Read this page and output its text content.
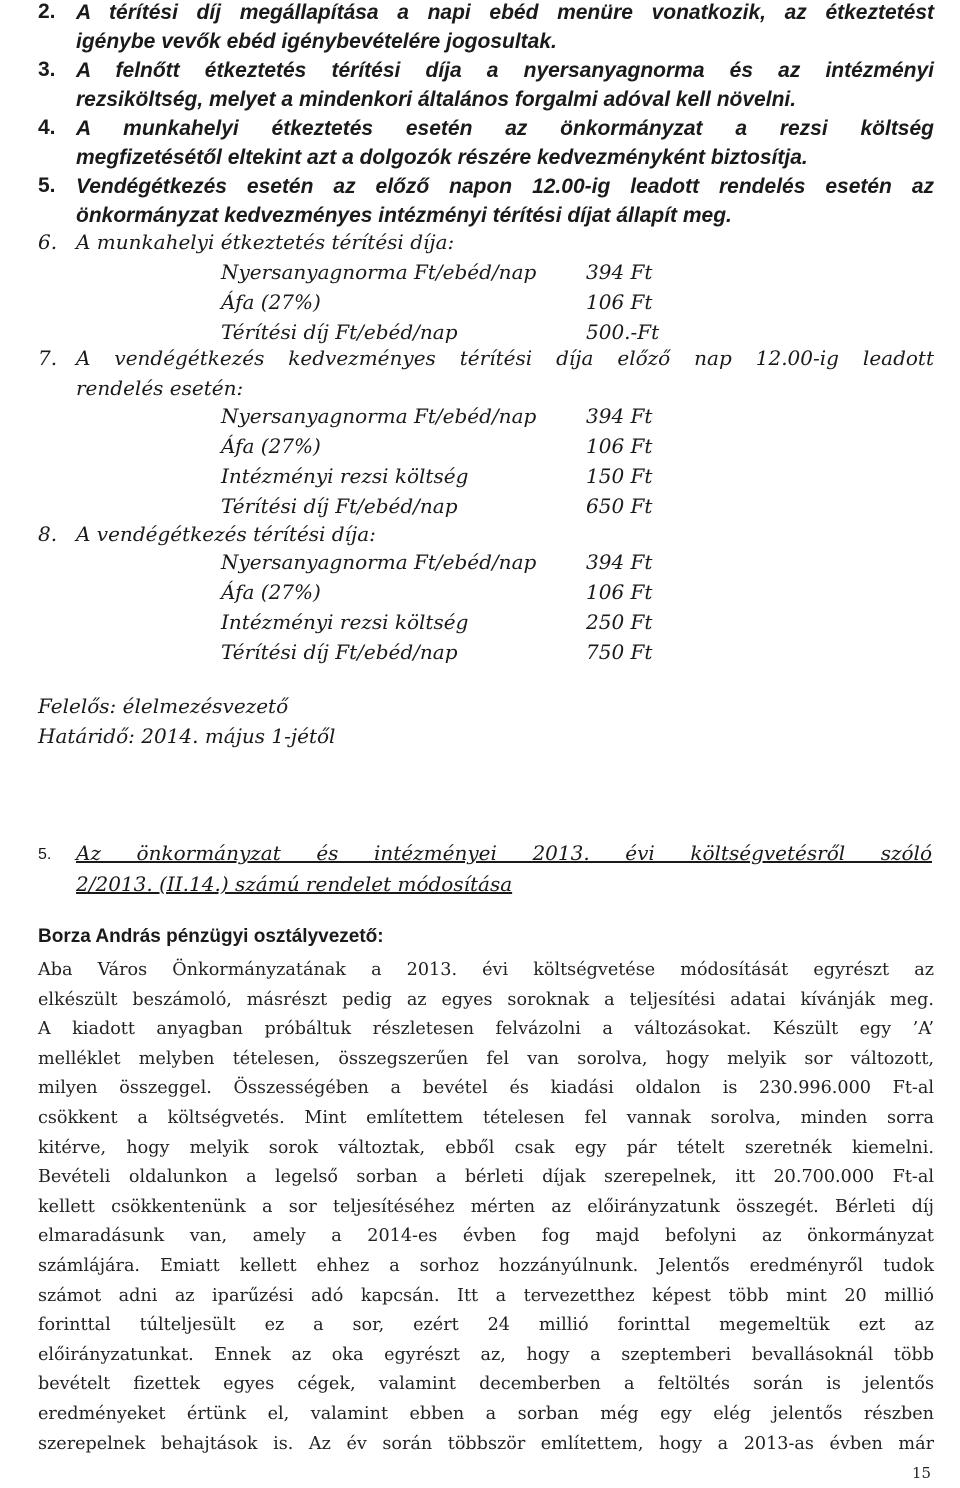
2. A térítési díj megállapítása a napi ebéd menüre vonatkozik, az étkeztetést
igénybe vevők ebéd igénybevételére jogosultak.
3. A felnőtt étkeztetés térítési díja a nyersanyagnorma és az intézményi
rezsiköltség, melyet a mindenkori általános forgalmi adóval kell növelni.
4. A munkahelyi étkeztetés esetén az önkormányzat a rezsi költség
megfizetésétől eltekint azt a dolgozók részére kedvezményként biztosítja.
5. Vendégétkezés esetén az előző napon 12.00-ig leadott rendelés esetén az
önkormányzat kedvezményes intézményi térítési díjat állapít meg.
6. A munkahelyi étkeztetés térítési díja:
Nyersanyagnorma Ft/ebéd/nap 394 Ft
Áfa (27%)	106 Ft
Térítési díj Ft/ebéd/nap	500.-Ft
7. A vendégétkezés kedvezményes térítési díja előző nap 12.00-ig leadott
rendelés esetén:
Nyersanyagnorma Ft/ebéd/nap 394 Ft
Áfa (27%)	106 Ft
Intézményi rezsi költség	150 Ft
Térítési díj Ft/ebéd/nap	650 Ft
8. A vendégétkezés térítési díja:
Nyersanyagnorma Ft/ebéd/nap 394 Ft
Áfa (27%)	106 Ft
Intézményi rezsi költség	250 Ft
Térítési díj Ft/ebéd/nap	750 Ft
Felelős: élelmezésvezető
Határidő: 2014. május 1-jétől
5. Az önkormányzat és intézményei 2013. évi költségvetésről szóló
2/2013. (II.14.) számú rendelet módosítása
Borza András pénzügyi osztályvezető:
Aba Város Önkormányzatának a 2013. évi költségvetése módosítását egyrészt az
elkészült beszámoló, másrészt pedig az egyes soroknak a teljesítési adatai kívánják meg.
A kiadott anyagban próbáltuk részletesen felvázolni a változásokat. Készült egy ’A’
melléklet melyben tételesen, összegszerűen fel van sorolva, hogy melyik sor változott,
milyen összeggel. Összességében a bevétel és kiadási oldalon is 230.996.000 Ft-al
csökkent a költségvetés. Mint említettem tételesen fel vannak sorolva, minden sorra
kitérve, hogy melyik sorok változtak, ebből csak egy pár tételt szeretnék kiemelni.
Bevételi oldalunkon a legelső sorban a bérleti díjak szerepelnek, itt 20.700.000 Ft-al
kellett csökkentenünk a sor teljesítéséhez mérten az előirányzatunk összegét. Bérleti díj
elmaradásunk van, amely a 2014-es évben fog majd befolyni az önkormányzat
számlájára. Emiatt kellett ehhez a sorhoz hozzányúlnunk. Jelentős eredményről tudok
számot adni az iparűzési adó kapcsán. Itt a tervezetthez képest több mint 20 millió
forinttal túlteljesült ez a sor, ezért 24 millió forinttal megemeltük ezt az
előirányzatunkat. Ennek az oka egyrészt az, hogy a szeptemberi bevallásoknál több
bevételt fizettek egyes cégek, valamint decemberben a feltöltés során is jelentős
eredményeket értünk el, valamint ebben a sorban még egy elég jelentős részben
szerepelnek behajtások is. Az év során többször említettem, hogy a 2013-as évben már
15
